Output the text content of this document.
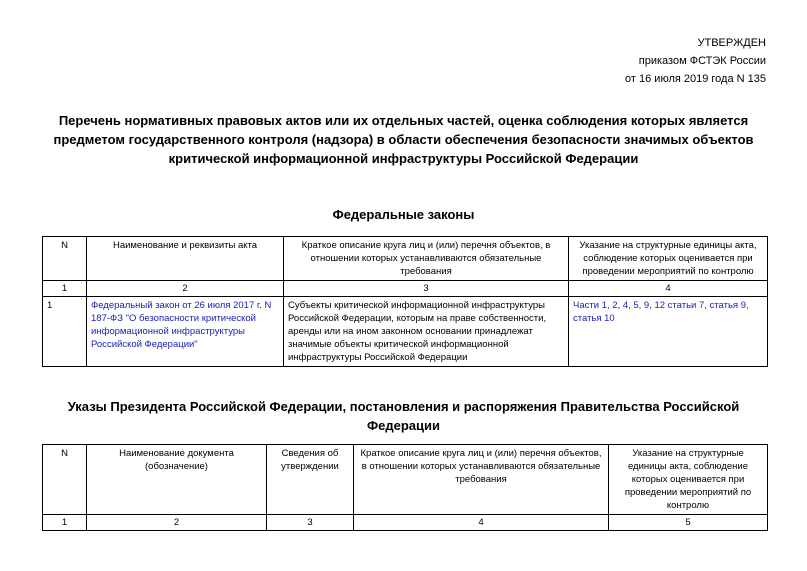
УТВЕРЖДЕН
приказом ФСТЭК России
от 16 июля 2019 года N 135
Перечень нормативных правовых актов или их отдельных частей, оценка соблюдения которых является
предметом государственного контроля (надзора) в области обеспечения безопасности значимых объектов
критической информационной инфраструктуры Российской Федерации
Федеральные законы
N	Наименование и реквизиты акта	Краткое описание круга лиц и (или) перечня объектов, в отношении которых устанавливаются обязательные требования	Указание на структурные единицы акта, соблюдение которых оценивается при проведении мероприятий по контролю
1	2	3	4
1	Федеральный закон от 26 июля 2017 г. N 187-ФЗ "О безопасности критической информационной инфраструктуры Российской Федерации"	Субъекты критической информационной инфраструктуры Российской Федерации, которым на праве собственности, аренды или на ином законном основании принадлежат значимые объекты критической информационной инфраструктуры Российской Федерации	Части 1, 2, 4, 5, 9, 12 статьи 7, статья 9, статья 10
Указы Президента Российской Федерации, постановления и распоряжения Правительства Российской Федерации
N	Наименование документа (обозначение)	Сведения об утверждении	Краткое описание круга лиц и (или) перечня объектов, в отношении которых устанавливаются обязательные требования	Указание на структурные единицы акта, соблюдение которых оценивается при проведении мероприятий по контролю
1	2	3	4	5
